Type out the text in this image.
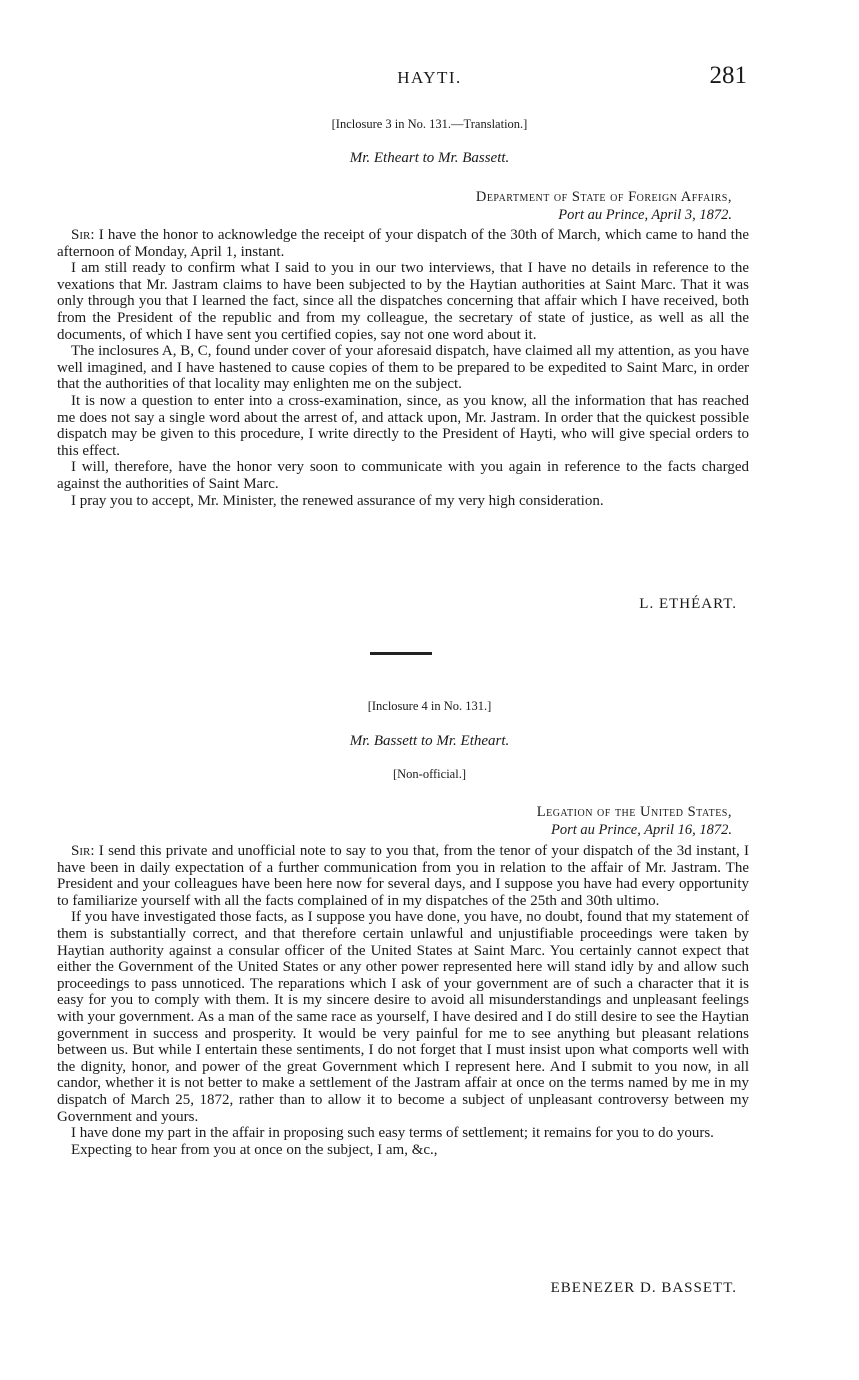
HAYTI.	281
[Inclosure 3 in No. 131.—Translation.]
Mr. Etheart to Mr. Bassett.
Department of State of Foreign Affairs,
Port au Prince, April 3, 1872.

Sir: I have the honor to acknowledge the receipt of your dispatch of the 30th of March, which came to hand the afternoon of Monday, April 1, instant.

I am still ready to confirm what I said to you in our two interviews, that I have no details in reference to the vexations that Mr. Jastram claims to have been subjected to by the Haytian authorities at Saint Marc. That it was only through you that I learned the fact, since all the dispatches concerning that affair which I have received, both from the President of the republic and from my colleague, the secretary of state of justice, as well as all the documents, of which I have sent you certified copies, say not one word about it.

The inclosures A, B, C, found under cover of your aforesaid dispatch, have claimed all my attention, as you have well imagined, and I have hastened to cause copies of them to be prepared to be expedited to Saint Marc, in order that the authorities of that locality may enlighten me on the subject.

It is now a question to enter into a cross-examination, since, as you know, all the information that has reached me does not say a single word about the arrest of, and attack upon, Mr. Jastram. In order that the quickest possible dispatch may be given to this procedure, I write directly to the President of Hayti, who will give special orders to this effect.

I will, therefore, have the honor very soon to communicate with you again in reference to the facts charged against the authorities of Saint Marc.

I pray you to accept, Mr. Minister, the renewed assurance of my very high consideration.

L. ETHÉART.
[Inclosure 4 in No. 131.]
Mr. Bassett to Mr. Etheart.
[Non-official.]
Legation of the United States,
Port au Prince, April 16, 1872.

Sir: I send this private and unofficial note to say to you that, from the tenor of your dispatch of the 3d instant, I have been in daily expectation of a further communication from you in relation to the affair of Mr. Jastram. The President and your colleagues have been here now for several days, and I suppose you have had every opportunity to familiarize yourself with all the facts complained of in my dispatches of the 25th and 30th ultimo.

If you have investigated those facts, as I suppose you have done, you have, no doubt, found that my statement of them is substantially correct, and that therefore certain unlawful and unjustifiable proceedings were taken by Haytian authority against a consular officer of the United States at Saint Marc. You certainly cannot expect that either the Government of the United States or any other power represented here will stand idly by and allow such proceedings to pass unnoticed. The reparations which I ask of your government are of such a character that it is easy for you to comply with them. It is my sincere desire to avoid all misunderstandings and unpleasant feelings with your government. As a man of the same race as yourself, I have desired and I do still desire to see the Haytian government in success and prosperity. It would be very painful for me to see anything but pleasant relations between us. But while I entertain these sentiments, I do not forget that I must insist upon what comports well with the dignity, honor, and power of the great Government which I represent here. And I submit to you now, in all candor, whether it is not better to make a settlement of the Jastram affair at once on the terms named by me in my dispatch of March 25, 1872, rather than to allow it to become a subject of unpleasant controversy between my Government and yours.

I have done my part in the affair in proposing such easy terms of settlement; it remains for you to do yours.

Expecting to hear from you at once on the subject, I am, &c.,

EBENEZER D. BASSETT.
